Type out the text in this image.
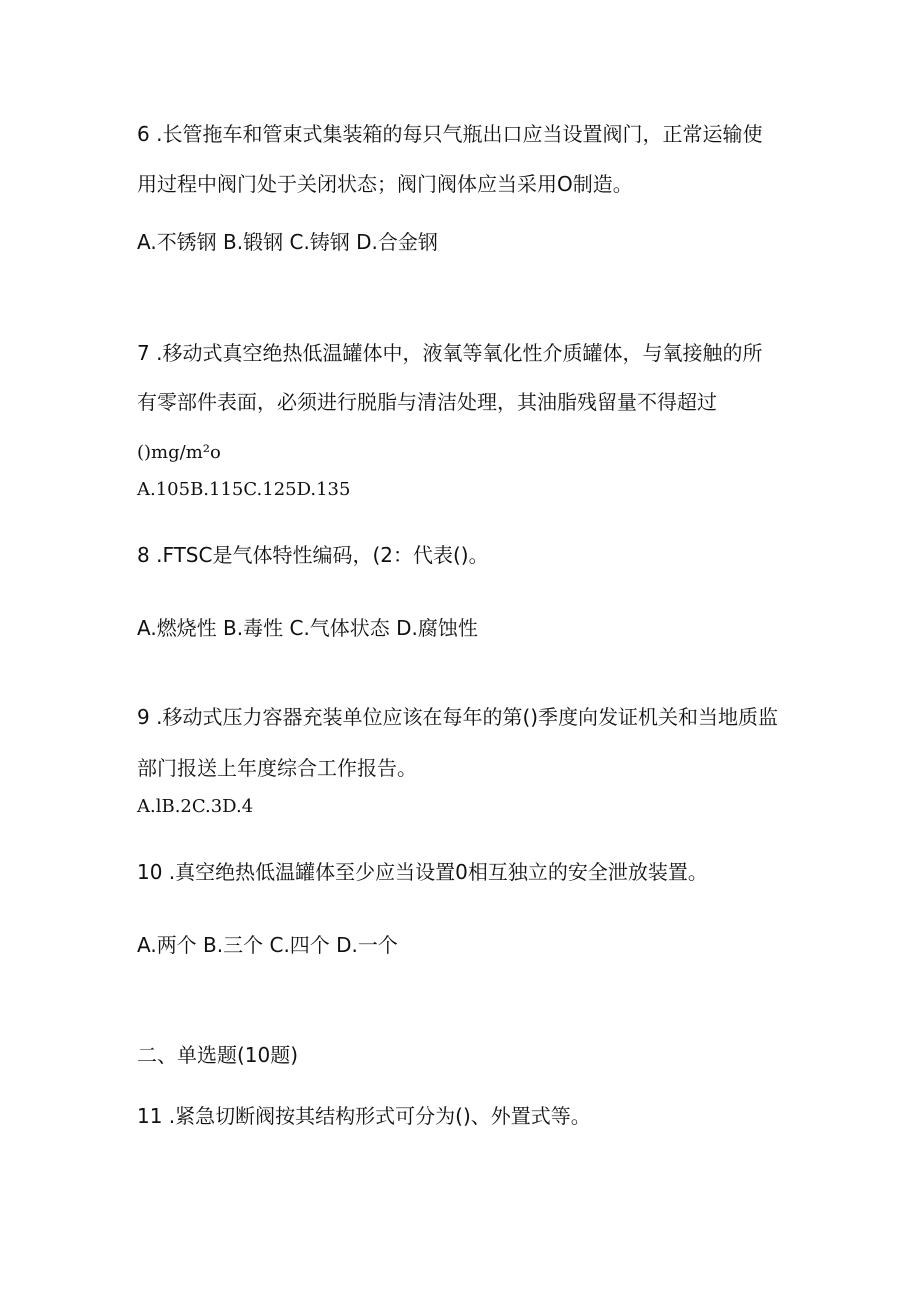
6 .长管拖车和管束式集装箱的每只气瓶出口应当设置阀门，正常运输使
用过程中阀门处于关闭状态；阀门阀体应当采用O制造。
A.不锈钢 B.锻钢 C.铸钢 D.合金钢
7 .移动式真空绝热低温罐体中，液氧等氧化性介质罐体，与氧接触的所
有零部件表面，必须进行脱脂与清洁处理，其油脂残留量不得超过
()mg/m²o
A.105B.115C.125D.135
8 .FTSC是气体特性编码，(2：代表()。
A.燃烧性 B.毒性 C.气体状态 D.腐蚀性
9 .移动式压力容器充装单位应该在每年的第()季度向发证机关和当地质监
部门报送上年度综合工作报告。
A.lB.2C.3D.4
10 .真空绝热低温罐体至少应当设置0相互独立的安全泄放装置。
A.两个 B.三个 C.四个 D.一个
二、单选题(10题)
11 .紧急切断阀按其结构形式可分为()、外置式等。
